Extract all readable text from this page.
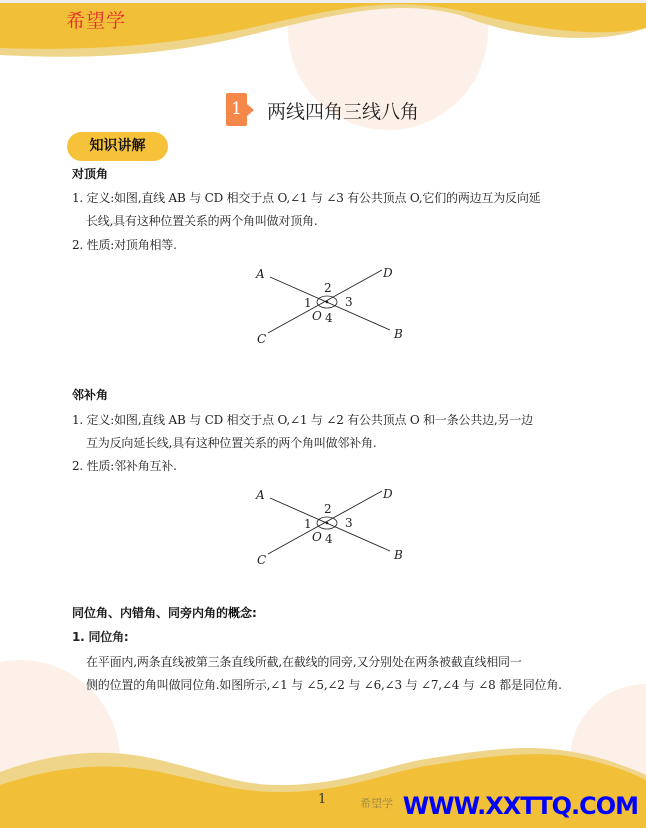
希望学
1 两线四角三线八角
知识讲解
对顶角
1. 定义:如图,直线 AB 与 CD 相交于点 O,∠1 与 ∠3 有公共顶点 O,它们的两边互为反向延
长线,具有这种位置关系的两个角叫做对顶角.
2. 性质:对顶角相等.
A	D
C	B
2
1	3
O 4
邻补角
1. 定义:如图,直线 AB 与 CD 相交于点 O,∠1 与 ∠2 有公共顶点 O 和一条公共边,另一边
互为反向延长线,具有这种位置关系的两个角叫做邻补角.
2. 性质:邻补角互补.
A	D
C	B
2
1	3
O 4
同位角、内错角、同旁内角的概念:
1. 同位角:
在平面内,两条直线被第三条直线所截,在截线的同旁,又分别处在两条被截直线相同一
侧的位置的角叫做同位角.如图所示,∠1 与 ∠5,∠2 与 ∠6,∠3 与 ∠7,∠4 与 ∠8 都是同位角.
1	希望学 WWW.XXTTQ.COM
